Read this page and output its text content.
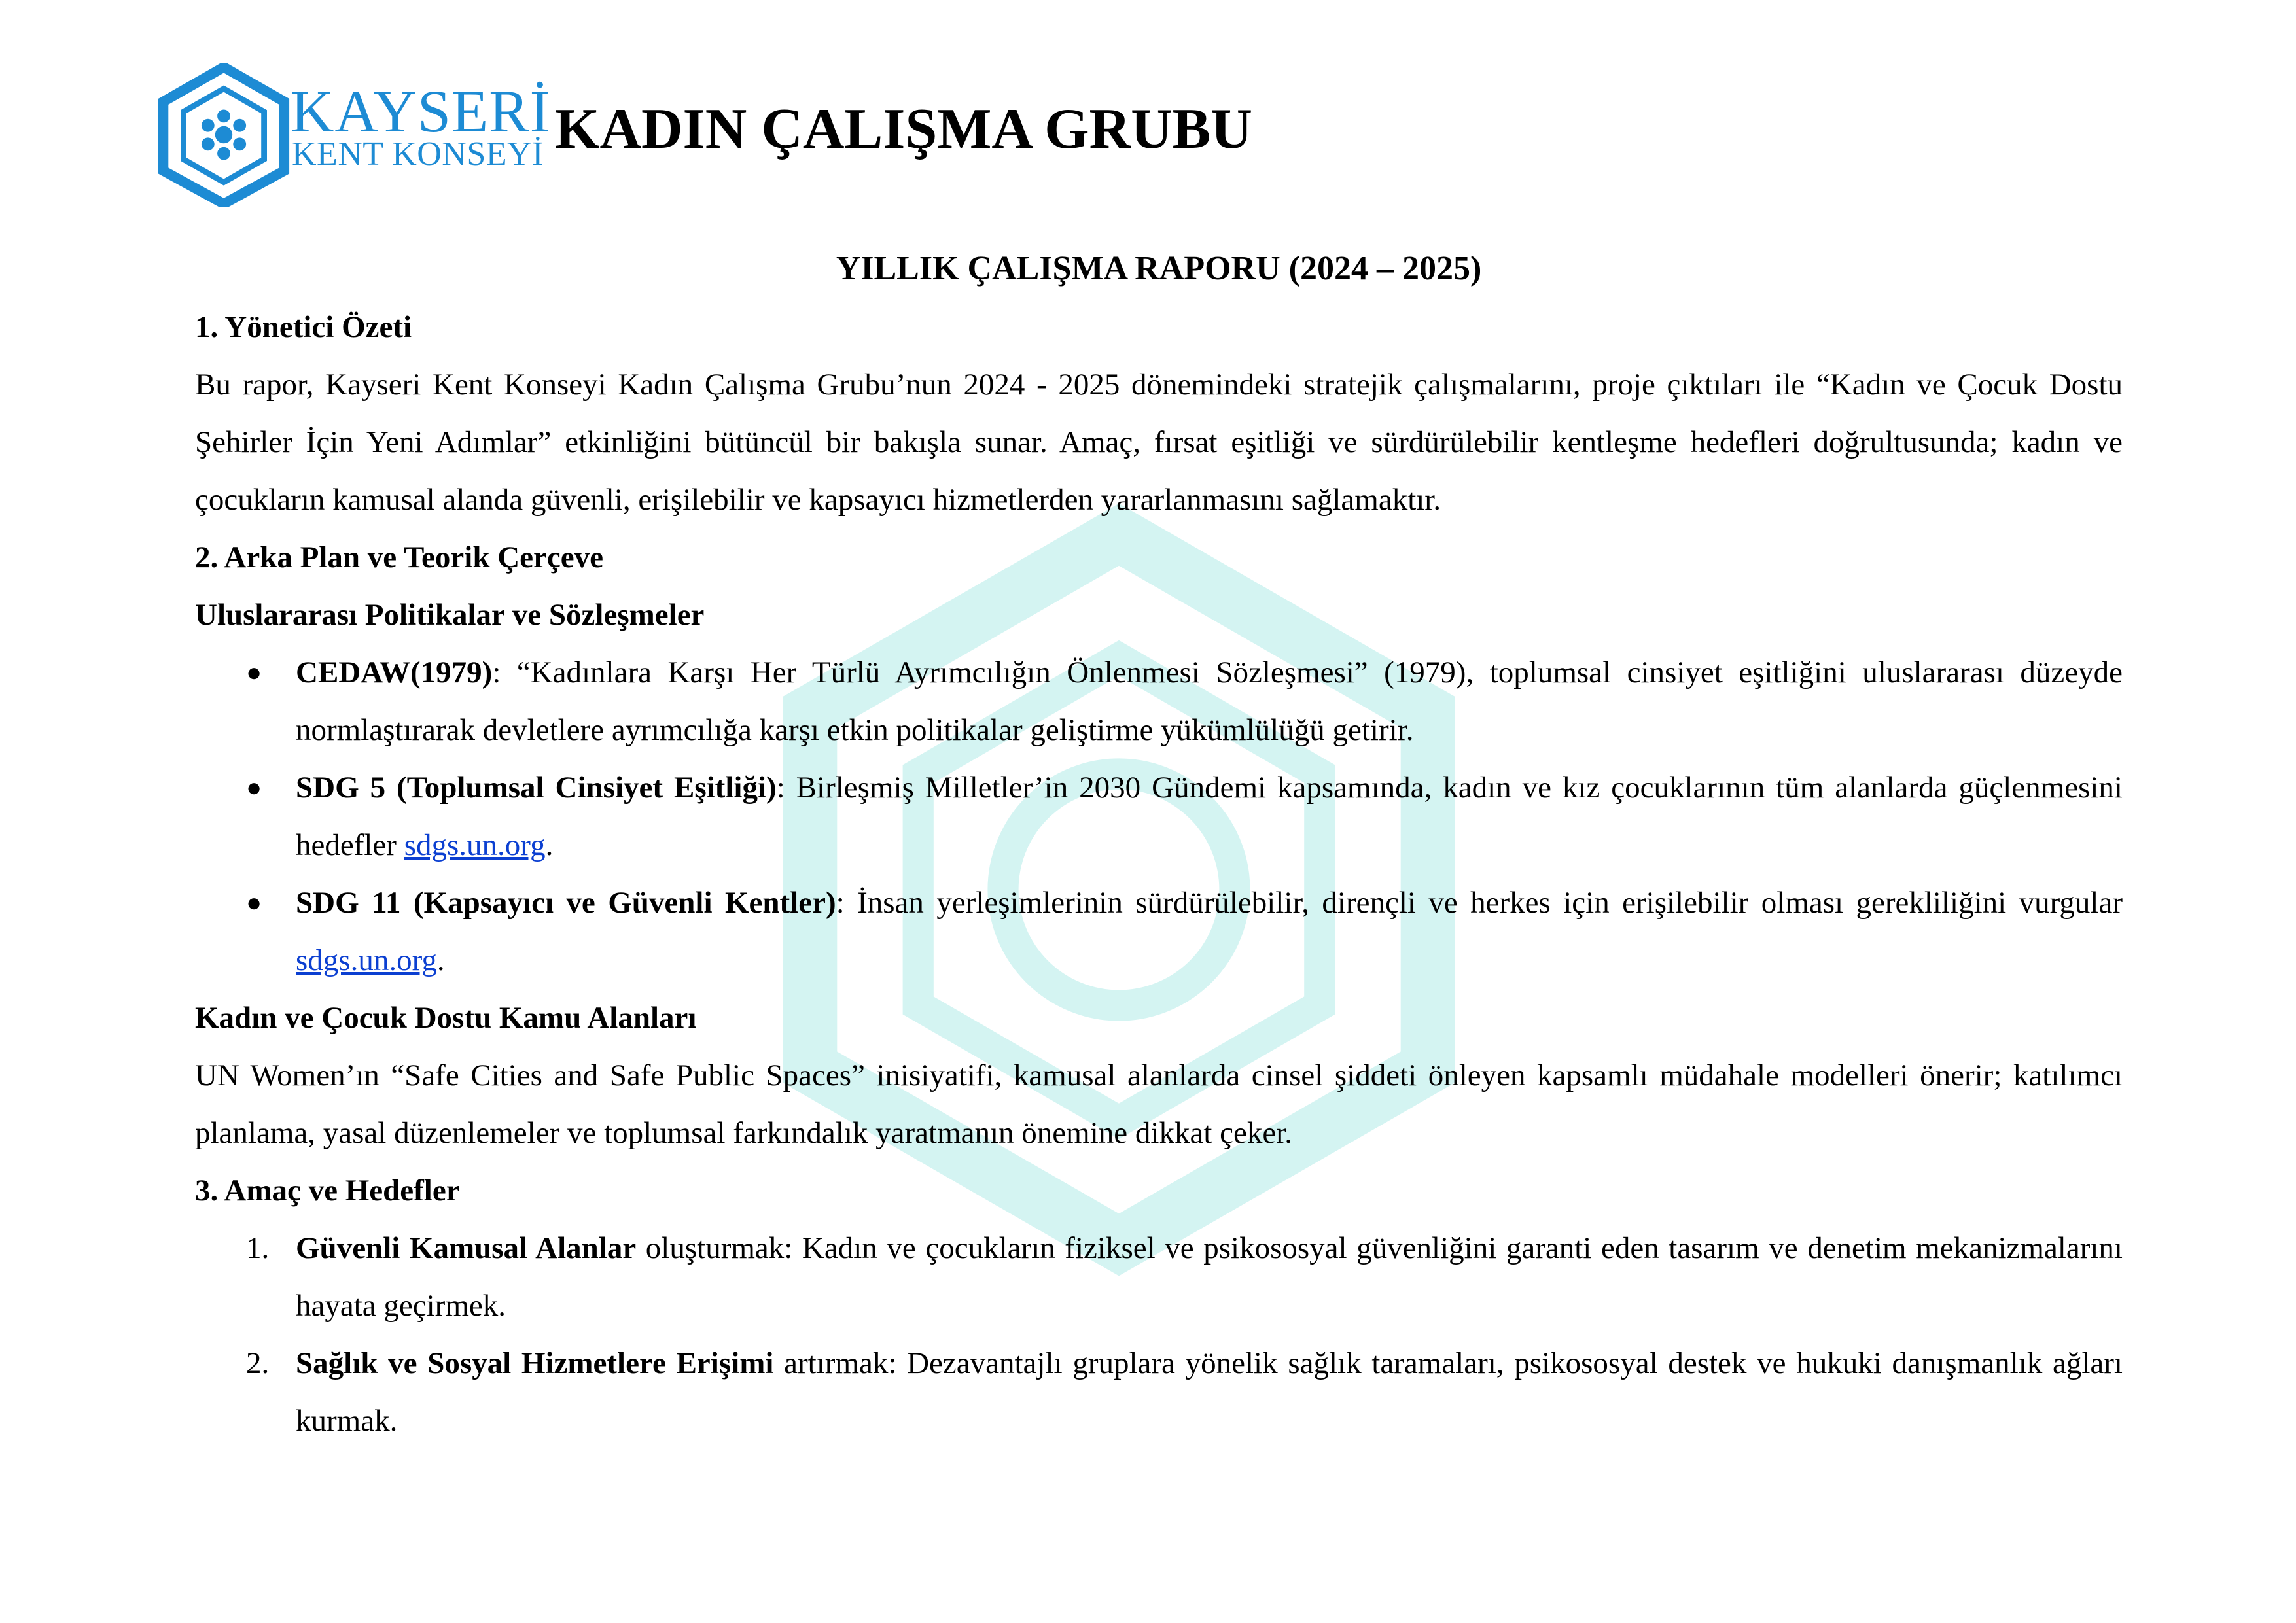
KAYSERİ
KENT KONSEYİ KADIN ÇALIŞMA GRUBU

YILLIK ÇALIŞMA RAPORU (2024 – 2025)

1. Yönetici Özeti

Bu rapor, Kayseri Kent Konseyi Kadın Çalışma Grubu’nun 2024 - 2025 dönemindeki stratejik çalışmalarını, proje çıktıları ile “Kadın ve Çocuk Dostu Şehirler İçin Yeni Adımlar” etkinliğini bütüncül bir bakışla sunar. Amaç, fırsat eşitliği ve sürdürülebilir kentleşme hedefleri doğrultusunda; kadın ve çocukların kamusal alanda güvenli, erişilebilir ve kapsayıcı hizmetlerden yararlanmasını sağlamaktır.

2. Arka Plan ve Teorik Çerçeve

Uluslararası Politikalar ve Sözleşmeler

● CEDAW(1979): “Kadınlara Karşı Her Türlü Ayrımcılığın Önlenmesi Sözleşmesi” (1979), toplumsal cinsiyet eşitliğini uluslararası düzeyde normlaştırarak devletlere ayrımcılığa karşı etkin politikalar geliştirme yükümlülüğü getirir.
● SDG 5 (Toplumsal Cinsiyet Eşitliği): Birleşmiş Milletler’in 2030 Gündemi kapsamında, kadın ve kız çocuklarının tüm alanlarda güçlenmesini hedefler sdgs.un.org.
● SDG 11 (Kapsayıcı ve Güvenli Kentler): İnsan yerleşimlerinin sürdürülebilir, dirençli ve herkes için erişilebilir olması gerekliliğini vurgular sdgs.un.org.

Kadın ve Çocuk Dostu Kamu Alanları

UN Women’ın “Safe Cities and Safe Public Spaces” inisiyatifi, kamusal alanlarda cinsel şiddeti önleyen kapsamlı müdahale modelleri önerir; katılımcı planlama, yasal düzenlemeler ve toplumsal farkındalık yaratmanın önemine dikkat çeker.

3. Amaç ve Hedefler

1. Güvenli Kamusal Alanlar oluşturmak: Kadın ve çocukların fiziksel ve psikososyal güvenliğini garanti eden tasarım ve denetim mekanizmalarını hayata geçirmek.
2. Sağlık ve Sosyal Hizmetlere Erişimi artırmak: Dezavantajlı gruplara yönelik sağlık taramaları, psikososyal destek ve hukuki danışmanlık ağları kurmak.
